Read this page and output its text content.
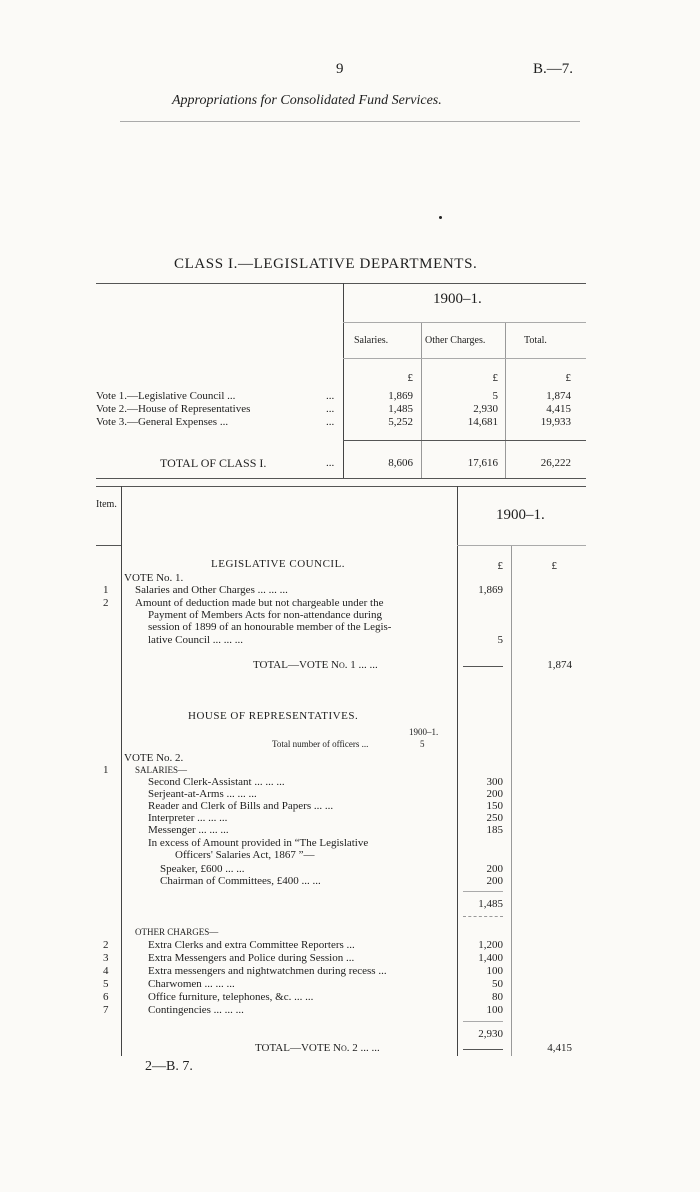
9	B.—7.
Appropriations for Consolidated Fund Services.
CLASS I.—LEGISLATIVE DEPARTMENTS.
1900–1.
Salaries.	Other Charges.	Total.
£	£	£
Vote 1.—Legislative Council ...	...	1,869	5	1,874
Vote 2.—House of Representatives	...	1,485	2,930	4,415
Vote 3.—General Expenses ...	...	5,252	14,681	19,933
TOTAL OF CLASS I.	...	8,606	17,616	26,222
Item.
1900–1.
LEGISLATIVE COUNCIL.	£	£
VOTE No. 1.
1 Salaries and Other Charges ... ... ...	1,869
2 Amount of deduction made but not chargeable under the
Payment of Members Acts for non-attendance during
session of 1899 of an honourable member of the Legis-
lative Council ... ... ...	5
TOTAL—VOTE No. 1 ... ...	1,874
HOUSE OF REPRESENTATIVES.
1900–1.
Total number of officers ...	5
VOTE No. 2.
1	SALARIES—
Second Clerk-Assistant ... ... ...	300
Serjeant-at-Arms ... ... ...	200
Reader and Clerk of Bills and Papers ... ...	150
Interpreter ... ... ...	250
Messenger ... ... ...	185
In excess of Amount provided in “The Legislative
Officers' Salaries Act, 1867 ”—
Speaker, £600 ... ...	200
Chairman of Committees, £400 ... ...	200
1,485
OTHER CHARGES—
2	Extra Clerks and extra Committee Reporters ...	1,200
3	Extra Messengers and Police during Session ...	1,400
4	Extra messengers and nightwatchmen during recess ...	100
5	Charwomen ... ... ...	50
6	Office furniture, telephones, &c. ... ...	80
7	Contingencies ... ... ...	100
2,930
TOTAL—VOTE No. 2 ... ...	4,415
2—B. 7.
